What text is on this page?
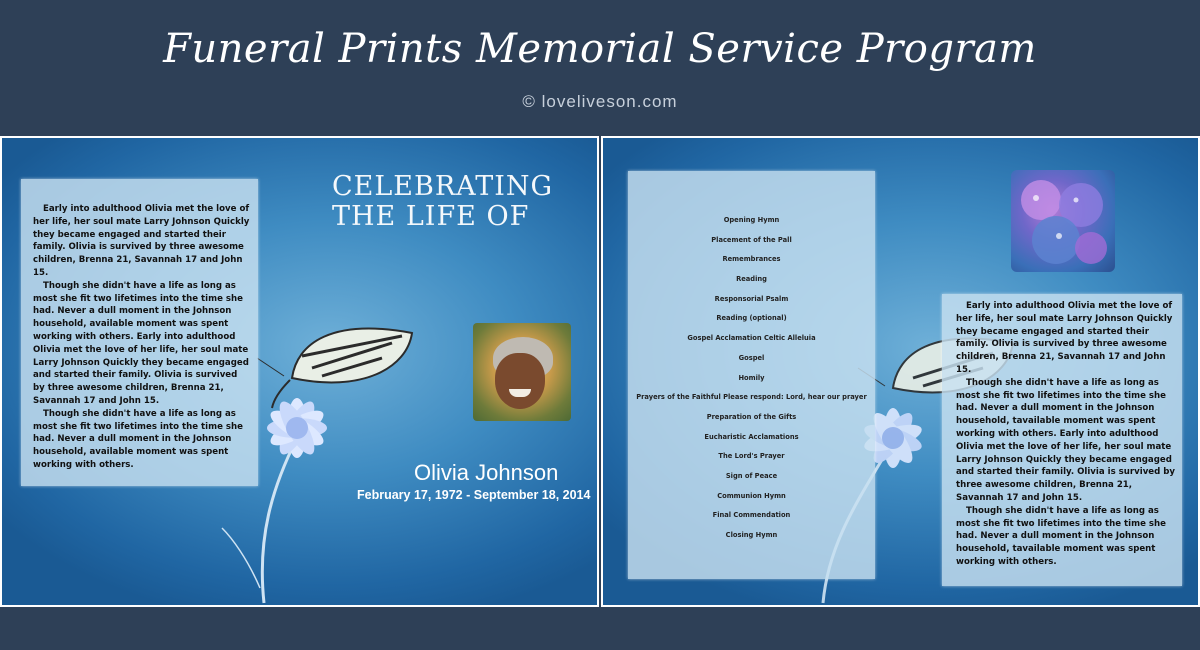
Funeral Prints Memorial Service Program
© loveliveson.com

Early into adulthood Olivia met the love of her life, her soul mate Larry Johnson Quickly they became engaged and started their family. Olivia is survived by three awesome children, Brenna 21, Savannah 17 and John 15.

Though she didn't have a life as long as most she fit two lifetimes into the time she had. Never a dull moment in the Johnson household, available moment was spent working with others. Early into adulthood Olivia met the love of her life, her soul mate Larry Johnson Quickly they became engaged and started their family. Olivia is survived by three awesome children, Brenna 21, Savannah 17 and John 15.

Though she didn't have a life as long as most she fit two lifetimes into the time she had. Never a dull moment in the Johnson household, available moment was spent working with others.

CELEBRATING
THE LIFE OF
Olivia Johnson
February 17, 1972 - September 18, 2014
Opening Hymn
Placement of the Pall
Remembrances
Reading
Responsorial Psalm
Reading (optional)
Gospel Acclamation Celtic Alleluia
Gospel
Homily
Prayers of the Faithful Please respond: Lord, hear our prayer
Preparation of the Gifts
Eucharistic Acclamations
The Lord's Prayer
Sign of Peace
Communion Hymn
Final Commendation
Closing Hymn

Early into adulthood Olivia met the love of her life, her soul mate Larry Johnson Quickly they became engaged and started their family. Olivia is survived by three awesome children, Brenna 21, Savannah 17 and John 15.

Though she didn't have a life as long as most she fit two lifetimes into the time she had. Never a dull moment in the Johnson household, tavailable moment was spent working with others. Early into adulthood Olivia met the love of her life, her soul mate Larry Johnson Quickly they became engaged and started their family. Olivia is survived by three awesome children, Brenna 21, Savannah 17 and John 15.

Though she didn't have a life as long as most she fit two lifetimes into the time she had. Never a dull moment in the Johnson household, tavailable moment was spent working with others.
